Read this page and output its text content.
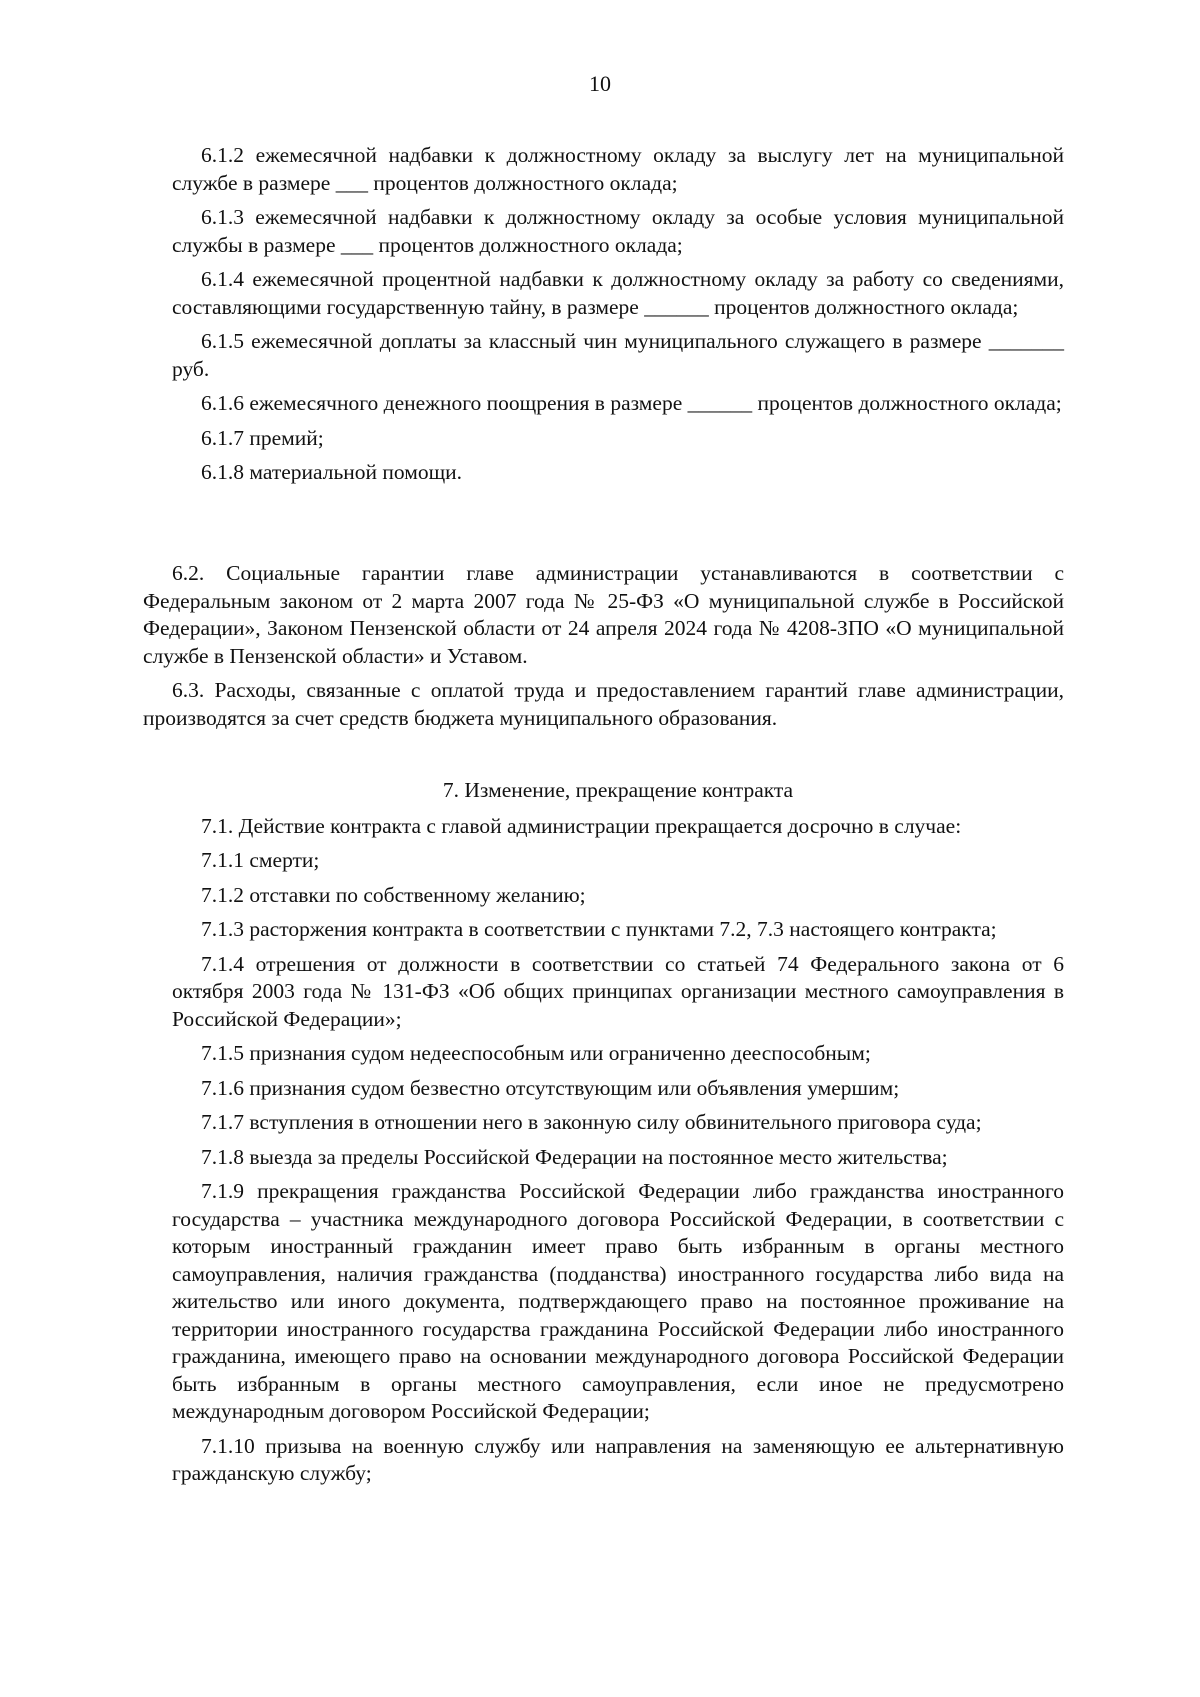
10

6.1.2 ежемесячной надбавки к должностному окладу за выслугу лет на муниципальной службе в размере ___ процентов должностного оклада;

6.1.3 ежемесячной надбавки к должностному окладу за особые условия муниципальной службы в размере ___ процентов должностного оклада;

6.1.4 ежемесячной процентной надбавки к должностному окладу за работу со сведениями, составляющими государственную тайну, в размере ______ процентов должностного оклада;

6.1.5 ежемесячной доплаты за классный чин муниципального служащего в размере _______ руб.

6.1.6 ежемесячного денежного поощрения в размере ______ процентов должностного оклада;

6.1.7 премий;

6.1.8 материальной помощи.

6.2. Социальные гарантии главе администрации устанавливаются в соответствии с Федеральным законом от 2 марта 2007 года № 25-ФЗ «О муниципальной службе в Российской Федерации», Законом Пензенской области от 24 апреля 2024 года № 4208-ЗПО «О муниципальной службе в Пензенской области» и Уставом.

6.3. Расходы, связанные с оплатой труда и предоставлением гарантий главе администрации, производятся за счет средств бюджета муниципального образования.

7. Изменение, прекращение контракта

7.1. Действие контракта с главой администрации прекращается досрочно в случае:

7.1.1 смерти;

7.1.2 отставки по собственному желанию;

7.1.3 расторжения контракта в соответствии с пунктами 7.2, 7.3 настоящего контракта;

7.1.4 отрешения от должности в соответствии со статьей 74 Федерального закона от 6 октября 2003 года № 131-ФЗ «Об общих принципах организации местного самоуправления в Российской Федерации»;

7.1.5 признания судом недееспособным или ограниченно дееспособным;

7.1.6 признания судом безвестно отсутствующим или объявления умершим;

7.1.7 вступления в отношении него в законную силу обвинительного приговора суда;

7.1.8 выезда за пределы Российской Федерации на постоянное место жительства;

7.1.9 прекращения гражданства Российской Федерации либо гражданства иностранного государства – участника международного договора Российской Федерации, в соответствии с которым иностранный гражданин имеет право быть избранным в органы местного самоуправления, наличия гражданства (подданства) иностранного государства либо вида на жительство или иного документа, подтверждающего право на постоянное проживание на территории иностранного государства гражданина Российской Федерации либо иностранного гражданина, имеющего право на основании международного договора Российской Федерации быть избранным в органы местного самоуправления, если иное не предусмотрено международным договором Российской Федерации;

7.1.10 призыва на военную службу или направления на заменяющую ее альтернативную гражданскую службу;
